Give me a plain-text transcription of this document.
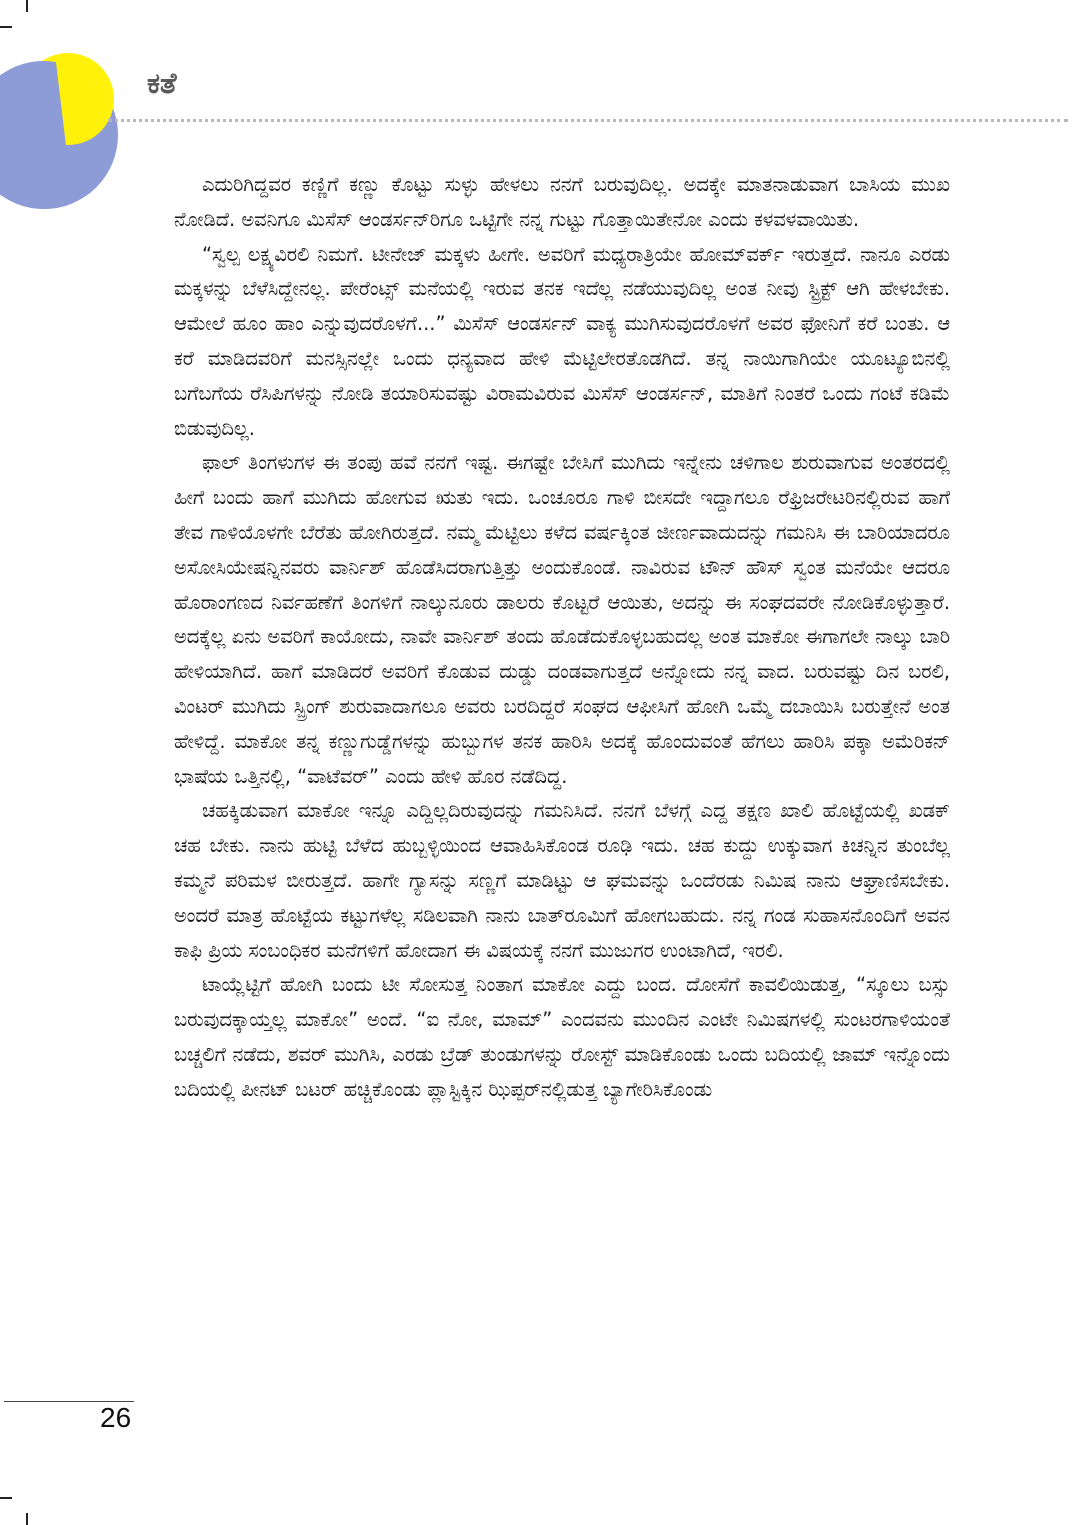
ಕತೆ

ಎದುರಿಗಿದ್ದವರ ಕಣ್ಣಿಗೆ ಕಣ್ಣು ಕೊಟ್ಟು ಸುಳ್ಳು ಹೇಳಲು ನನಗೆ ಬರುವುದಿಲ್ಲ. ಅದಕ್ಕೇ ಮಾತನಾಡುವಾಗ ಬಾಸಿಯ ಮುಖ ನೋಡಿದೆ. ಅವನಿಗೂ ಮಿಸೆಸ್ ಆಂಡರ್ಸನ್‌ರಿಗೂ ಒಟ್ಟಿಗೇ ನನ್ನ ಗುಟ್ಟು ಗೊತ್ತಾಯಿತೇನೋ ಎಂದು ಕಳವಳವಾಯಿತು.

“ಸ್ವಲ್ಪ ಲಕ್ಷ್ಯವಿರಲಿ ನಿಮಗೆ. ಟೀನೇಜ್ ಮಕ್ಕಳು ಹೀಗೇ. ಅವರಿಗೆ ಮಧ್ಯರಾತ್ರಿಯೇ ಹೋಮ್‌ವರ್ಕ್ ಇರುತ್ತದೆ. ನಾನೂ ಎರಡು ಮಕ್ಕಳನ್ನು ಬೆಳೆಸಿದ್ದೇನಲ್ಲ. ಪೇರೆಂಟ್ಸ್ ಮನೆಯಲ್ಲಿ ಇರುವ ತನಕ ಇದೆಲ್ಲ ನಡೆಯುವುದಿಲ್ಲ ಅಂತ ನೀವು ಸ್ಟ್ರಿಕ್ಟ್ ಆಗಿ ಹೇಳಬೇಕು. ಆಮೇಲೆ ಹೂಂ ಹಾಂ ಎನ್ನುವುದರೊಳಗೆ...” ಮಿಸೆಸ್ ಆಂಡರ್ಸನ್ ವಾಕ್ಯ ಮುಗಿಸುವುದರೊಳಗೆ ಅವರ ಫೋನಿಗೆ ಕರೆ ಬಂತು. ಆ ಕರೆ ಮಾಡಿದವರಿಗೆ ಮನಸ್ಸಿನಲ್ಲೇ ಒಂದು ಧನ್ಯವಾದ ಹೇಳಿ ಮೆಟ್ಟಿಲೇರತೊಡಗಿದೆ. ತನ್ನ ನಾಯಿಗಾಗಿಯೇ ಯೂಟ್ಯೂಬಿನಲ್ಲಿ ಬಗೆಬಗೆಯ ರೆಸಿಪಿಗಳನ್ನು ನೋಡಿ ತಯಾರಿಸುವಷ್ಟು ವಿರಾಮವಿರುವ ಮಿಸೆಸ್ ಆಂಡರ್ಸನ್, ಮಾತಿಗೆ ನಿಂತರೆ ಒಂದು ಗಂಟೆ ಕಡಿಮೆ ಬಿಡುವುದಿಲ್ಲ.

ಫಾಲ್ ತಿಂಗಳುಗಳ ಈ ತಂಪು ಹವೆ ನನಗೆ ಇಷ್ಟ. ಈಗಷ್ಟೇ ಬೇಸಿಗೆ ಮುಗಿದು ಇನ್ನೇನು ಚಳಿಗಾಲ ಶುರುವಾಗುವ ಅಂತರದಲ್ಲಿ ಹೀಗೆ ಬಂದು ಹಾಗೆ ಮುಗಿದು ಹೋಗುವ ಋತು ಇದು. ಒಂಚೂರೂ ಗಾಳಿ ಬೀಸದೇ ಇದ್ದಾಗಲೂ ರೆಫ್ರಿಜರೇಟರಿನಲ್ಲಿರುವ ಹಾಗೆ ತೇವ ಗಾಳಿಯೊಳಗೇ ಬೆರೆತು ಹೋಗಿರುತ್ತದೆ. ನಮ್ಮ ಮೆಟ್ಟಿಲು ಕಳೆದ ವರ್ಷಕ್ಕಿಂತ ಜೀರ್ಣವಾದುದನ್ನು ಗಮನಿಸಿ ಈ ಬಾರಿಯಾದರೂ ಅಸೋಸಿಯೇಷನ್ನಿನವರು ವಾರ್ನಿಶ್ ಹೊಡೆಸಿದರಾಗುತ್ತಿತ್ತು ಅಂದುಕೊಂಡೆ. ನಾವಿರುವ ಟೌನ್ ಹೌಸ್ ಸ್ವಂತ ಮನೆಯೇ ಆದರೂ ಹೊರಾಂಗಣದ ನಿರ್ವಹಣೆಗೆ ತಿಂಗಳಿಗೆ ನಾಲ್ಕುನೂರು ಡಾಲರು ಕೊಟ್ಟರೆ ಆಯಿತು, ಅದನ್ನು ಈ ಸಂಘದವರೇ ನೋಡಿಕೊಳ್ಳುತ್ತಾರೆ. ಅದಕ್ಕೆಲ್ಲ ಏನು ಅವರಿಗೆ ಕಾಯೋದು, ನಾವೇ ವಾರ್ನಿಶ್ ತಂದು ಹೊಡೆದುಕೊಳ್ಳಬಹುದಲ್ಲ ಅಂತ ಮಾಕೋ ಈಗಾಗಲೇ ನಾಲ್ಕು ಬಾರಿ ಹೇಳಿಯಾಗಿದೆ. ಹಾಗೆ ಮಾಡಿದರೆ ಅವರಿಗೆ ಕೊಡುವ ದುಡ್ಡು ದಂಡವಾಗುತ್ತದೆ ಅನ್ನೋದು ನನ್ನ ವಾದ. ಬರುವಷ್ಟು ದಿನ ಬರಲಿ, ವಿಂಟರ್ ಮುಗಿದು ಸ್ಪ್ರಿಂಗ್ ಶುರುವಾದಾಗಲೂ ಅವರು ಬರದಿದ್ದರೆ ಸಂಘದ ಆಫೀಸಿಗೆ ಹೋಗಿ ಒಮ್ಮೆ ದಬಾಯಿಸಿ ಬರುತ್ತೇನೆ ಅಂತ ಹೇಳಿದ್ದೆ. ಮಾಕೋ ತನ್ನ ಕಣ್ಣುಗುಡ್ಡೆಗಳನ್ನು ಹುಬ್ಬುಗಳ ತನಕ ಹಾರಿಸಿ ಅದಕ್ಕೆ ಹೊಂದುವಂತೆ ಹೆಗಲು ಹಾರಿಸಿ ಪಕ್ಕಾ ಅಮೆರಿಕನ್ ಭಾಷೆಯ ಒತ್ತಿನಲ್ಲಿ, “ವಾಟೆವರ್” ಎಂದು ಹೇಳಿ ಹೊರ ನಡೆದಿದ್ದ.

ಚಹಕ್ಕಿಡುವಾಗ ಮಾಕೋ ಇನ್ನೂ ಎದ್ದಿಲ್ಲದಿರುವುದನ್ನು ಗಮನಿಸಿದೆ. ನನಗೆ ಬೆಳಗ್ಗೆ ಎದ್ದ ತಕ್ಷಣ ಖಾಲಿ ಹೊಟ್ಟೆಯಲ್ಲಿ ಖಡಕ್ ಚಹ ಬೇಕು. ನಾನು ಹುಟ್ಟಿ ಬೆಳೆದ ಹುಬ್ಬಳ್ಳಿಯಿಂದ ಆವಾಹಿಸಿಕೊಂಡ ರೂಢಿ ಇದು. ಚಹ ಕುದ್ದು ಉಕ್ಕುವಾಗ ಕಿಚನ್ನಿನ ತುಂಬೆಲ್ಲ ಕಮ್ಮನೆ ಪರಿಮಳ ಬೀರುತ್ತದೆ. ಹಾಗೇ ಗ್ಯಾಸನ್ನು ಸಣ್ಣಗೆ ಮಾಡಿಟ್ಟು ಆ ಘಮವನ್ನು ಒಂದೆರಡು ನಿಮಿಷ ನಾನು ಆಘ್ರಾಣಿಸಬೇಕು. ಅಂದರೆ ಮಾತ್ರ ಹೊಟ್ಟೆಯ ಕಟ್ಟುಗಳೆಲ್ಲ ಸಡಿಲವಾಗಿ ನಾನು ಬಾತ್‌ರೂಮಿಗೆ ಹೋಗಬಹುದು. ನನ್ನ ಗಂಡ ಸುಹಾಸನೊಂದಿಗೆ ಅವನ ಕಾಫಿ ಪ್ರಿಯ ಸಂಬಂಧಿಕರ ಮನೆಗಳಿಗೆ ಹೋದಾಗ ಈ ವಿಷಯಕ್ಕೆ ನನಗೆ ಮುಜುಗರ ಉಂಟಾಗಿದೆ, ಇರಲಿ.

ಟಾಯ್ಲೆಟ್ಟಿಗೆ ಹೋಗಿ ಬಂದು ಟೀ ಸೋಸುತ್ತ ನಿಂತಾಗ ಮಾಕೋ ಎದ್ದು ಬಂದ. ದೋಸೆಗೆ ಕಾವಲಿಯಿಡುತ್ತ, “ಸ್ಕೂಲು ಬಸ್ಸು ಬರುವುದಕ್ಕಾಯ್ತಲ್ಲ ಮಾಕೋ” ಅಂದೆ. “ಐ ನೋ, ಮಾಮ್” ಎಂದವನು ಮುಂದಿನ ಎಂಟೇ ನಿಮಿಷಗಳಲ್ಲಿ ಸುಂಟರಗಾಳಿಯಂತೆ ಬಚ್ಚಲಿಗೆ ನಡೆದು, ಶವರ್ ಮುಗಿಸಿ, ಎರಡು ಬ್ರೆಡ್ ತುಂಡುಗಳನ್ನು ರೋಸ್ಟ್ ಮಾಡಿಕೊಂಡು ಒಂದು ಬದಿಯಲ್ಲಿ ಜಾಮ್ ಇನ್ನೊಂದು ಬದಿಯಲ್ಲಿ ಪೀನಟ್ ಬಟರ್ ಹಚ್ಚಿಕೊಂಡು ಪ್ಲಾಸ್ಟಿಕ್ಕಿನ ಝಿಪ್ಪರ್‌ನಲ್ಲಿಡುತ್ತ ಬ್ಯಾಗೇರಿಸಿಕೊಂಡು

26
